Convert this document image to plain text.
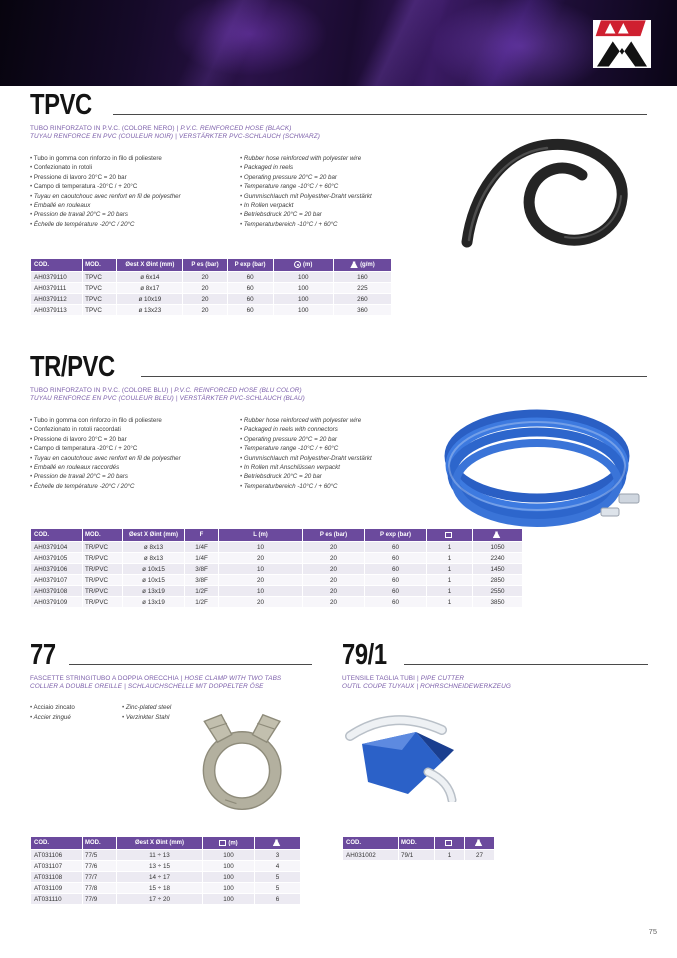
TPVC
TUBO RINFORZATO IN P.V.C. (COLORE NERO) | P.V.C. REINFORCED HOSE (BLACK)
TUYAU RENFORCE EN PVC (COULEUR NOIR) | VERSTÄRKTER PVC-SCHLAUCH (SCHWARZ)
• Tubo in gomma con rinforzo in filo di poliestere
• Confezionato in rotoli
• Pressione di lavoro 20°C = 20 bar
• Campo di temperatura -20°C / + 20°C
• Tuyau en caoutchouc avec renfort en fil de polyesther
• Emballé en rouleaux
• Pression de travail 20°C = 20 bars
• Échelle de température -20°C / 20°C
• Rubber hose reinforced with polyester wire
• Packaged in reels
• Operating pressure 20°C = 20 bar
• Temperature range -10°C / + 60°C
• Gummischlauch mit Polyesther-Draht verstärkt
• In Rollen verpackt
• Betriebsdruck 20°C = 20 bar
• Temperaturbereich -10°C / + 60°C
COD.	MOD.	Øest X Øint (mm)	P es (bar)	P exp (bar)	(m)	(g/m)
AH0379110	TPVC	ø 6x14	20	60	100	160
AH0379111	TPVC	ø 8x17	20	60	100	225
AH0379112	TPVC	ø 10x19	20	60	100	260
AH0379113	TPVC	ø 13x23	20	60	100	360
TR/PVC
TUBO RINFORZATO IN P.V.C. (COLORE BLU) | P.V.C. REINFORCED HOSE (BLU COLOR)
TUYAU RENFORCE EN PVC (COULEUR BLEU) | VERSTÄRKTER PVC-SCHLAUCH (BLAU)
• Tubo in gomma con rinforzo in filo di poliestere
• Confezionato in rotoli raccordati
• Pressione di lavoro 20°C = 20 bar
• Campo di temperatura -20°C / + 20°C
• Tuyau en caoutchouc avec renfort en fil de polyesther
• Emballé en rouleaux raccordés
• Pression de travail 20°C = 20 bars
• Échelle de température -20°C / 20°C
• Rubber hose reinforced with polyester wire
• Packaged in reels with connectors
• Operating pressure 20°C = 20 bar
• Temperature range -10°C / + 60°C
• Gummischlauch mit Polyesther-Draht verstärkt
• In Rollen mit Anschlüssen verpackt
• Betriebsdruck 20°C = 20 bar
• Temperaturbereich -10°C / + 60°C
COD.	MOD.	Øest X Øint (mm)	F	L (m)	P es (bar)	P exp (bar)		
AH0379104	TR/PVC	ø 8x13	1/4F	10	20	60	1	1050
AH0379105	TR/PVC	ø 8x13	1/4F	20	20	60	1	2240
AH0379106	TR/PVC	ø 10x15	3/8F	10	20	60	1	1450
AH0379107	TR/PVC	ø 10x15	3/8F	20	20	60	1	2850
AH0379108	TR/PVC	ø 13x19	1/2F	10	20	60	1	2550
AH0379109	TR/PVC	ø 13x19	1/2F	20	20	60	1	3850
77
FASCETTE STRINGITUBO A DOPPIA ORECCHIA | HOSE CLAMP WITH TWO TABS
COLLIER A DOUBLE OREILLE | SCHLAUCHSCHELLE MIT DOPPELTER ÖSE
• Acciaio zincato	• Zinc-plated steel
• Accier zingué	• Verzinkter Stahl
COD.	MOD.	Øest X Øint (mm)	(m)	
AT031106	77/5	11 ÷ 13	100	3
AT031107	77/6	13 ÷ 15	100	4
AT031108	77/7	14 ÷ 17	100	5
AT031109	77/8	15 ÷ 18	100	5
AT031110	77/9	17 ÷ 20	100	6
79/1
UTENSILE TAGLIA TUBI | PIPE CUTTER
OUTIL COUPE TUYAUX | ROHRSCHNEIDEWERKZEUG
COD.	MOD.		
AH031002	79/1	1	27
75
